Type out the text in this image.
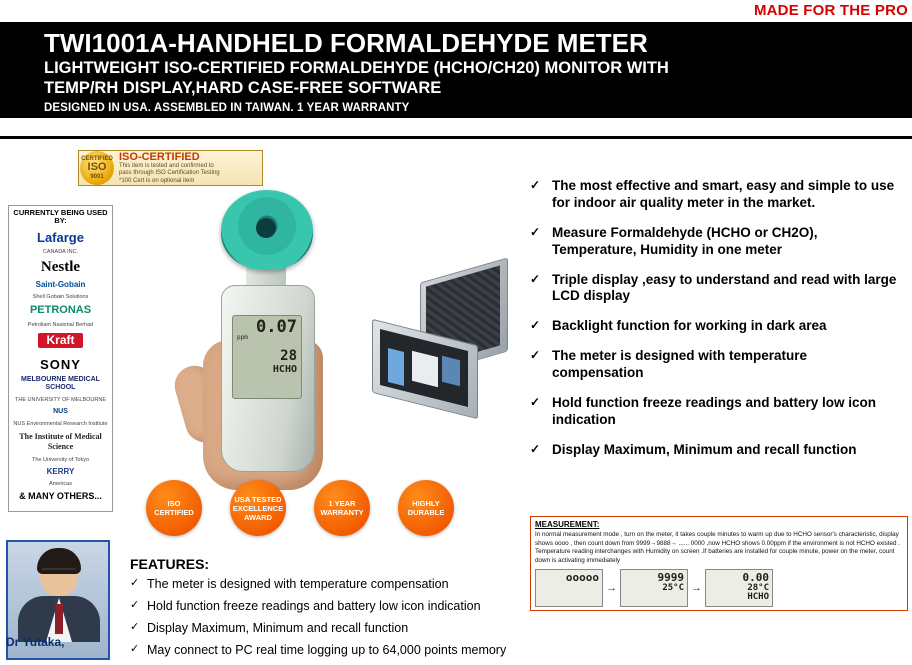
MADE FOR THE PRO
TWI1001A-HANDHELD FORMALDEHYDE METER
LIGHTWEIGHT ISO-CERTIFIED FORMALDEHYDE (HCHO/CH20) MONITOR WITH TEMP/RH DISPLAY,HARD CASE-FREE SOFTWARE
DESIGNED IN USA. ASSEMBLED IN TAIWAN. 1 YEAR WARRANTY
CERTIFIED
ISO
9001
ISO-CERTIFIED
This item is tested and confirmed to
pass through ISO Certification Testing
*100 Cert is on optional item
CURRENTLY BEING USED BY:
Lafarge
CANADA INC.
Nestle
Saint-Gobain
Shell Gobain Solutions
PETRONAS
Petroliam Nasional Berhad
Kraft
SONY
MELBOURNE MEDICAL SCHOOL
THE UNIVERSITY OF MELBOURNE
NUS
NUS Environmental Research Institute
The Institute of Medical Science
The University of Tokyo
KERRY
Americas
& MANY OTHERS...
0.07
ppm
28
HCHO
ISO
CERTIFIED
USA TESTED
EXCELLENCE
AWARD
1 YEAR
WARRANTY
HIGHLY
DURABLE
✓ The most effective and smart, easy and simple to use for indoor air quality meter in the market.
✓ Measure Formaldehyde (HCHO or CH2O), Temperature, Humidity in one meter
✓ Triple display ,easy to understand and read with large LCD display
✓ Backlight function for working in dark area
✓ The meter is designed with temperature compensation
✓ Hold function freeze readings and battery low icon indication
✓ Display Maximum, Minimum and recall function
MEASUREMENT:
In normal measurement mode , turn on the meter, it takes couple minutes to warm up due to HCHO sensor's characteristic, display shows oooo , then count down from 9999→9888→ ...... 0000 ,now HCHO shows 0.00ppm if the environment is not HCHO existed . Temperature reading interchanges with Humidity on screen .If batteries are installed for couple minute, power on the meter, count down is activating immediately
ooooo
→
9999
25°C →
0.00
28°C
HCHO
Dr Yutaka,
FEATURES:
✓ The meter is designed with temperature compensation
✓ Hold function freeze readings and battery low icon indication
✓ Display Maximum, Minimum and recall function
✓ May connect to PC real time logging up to 64,000 points memory
